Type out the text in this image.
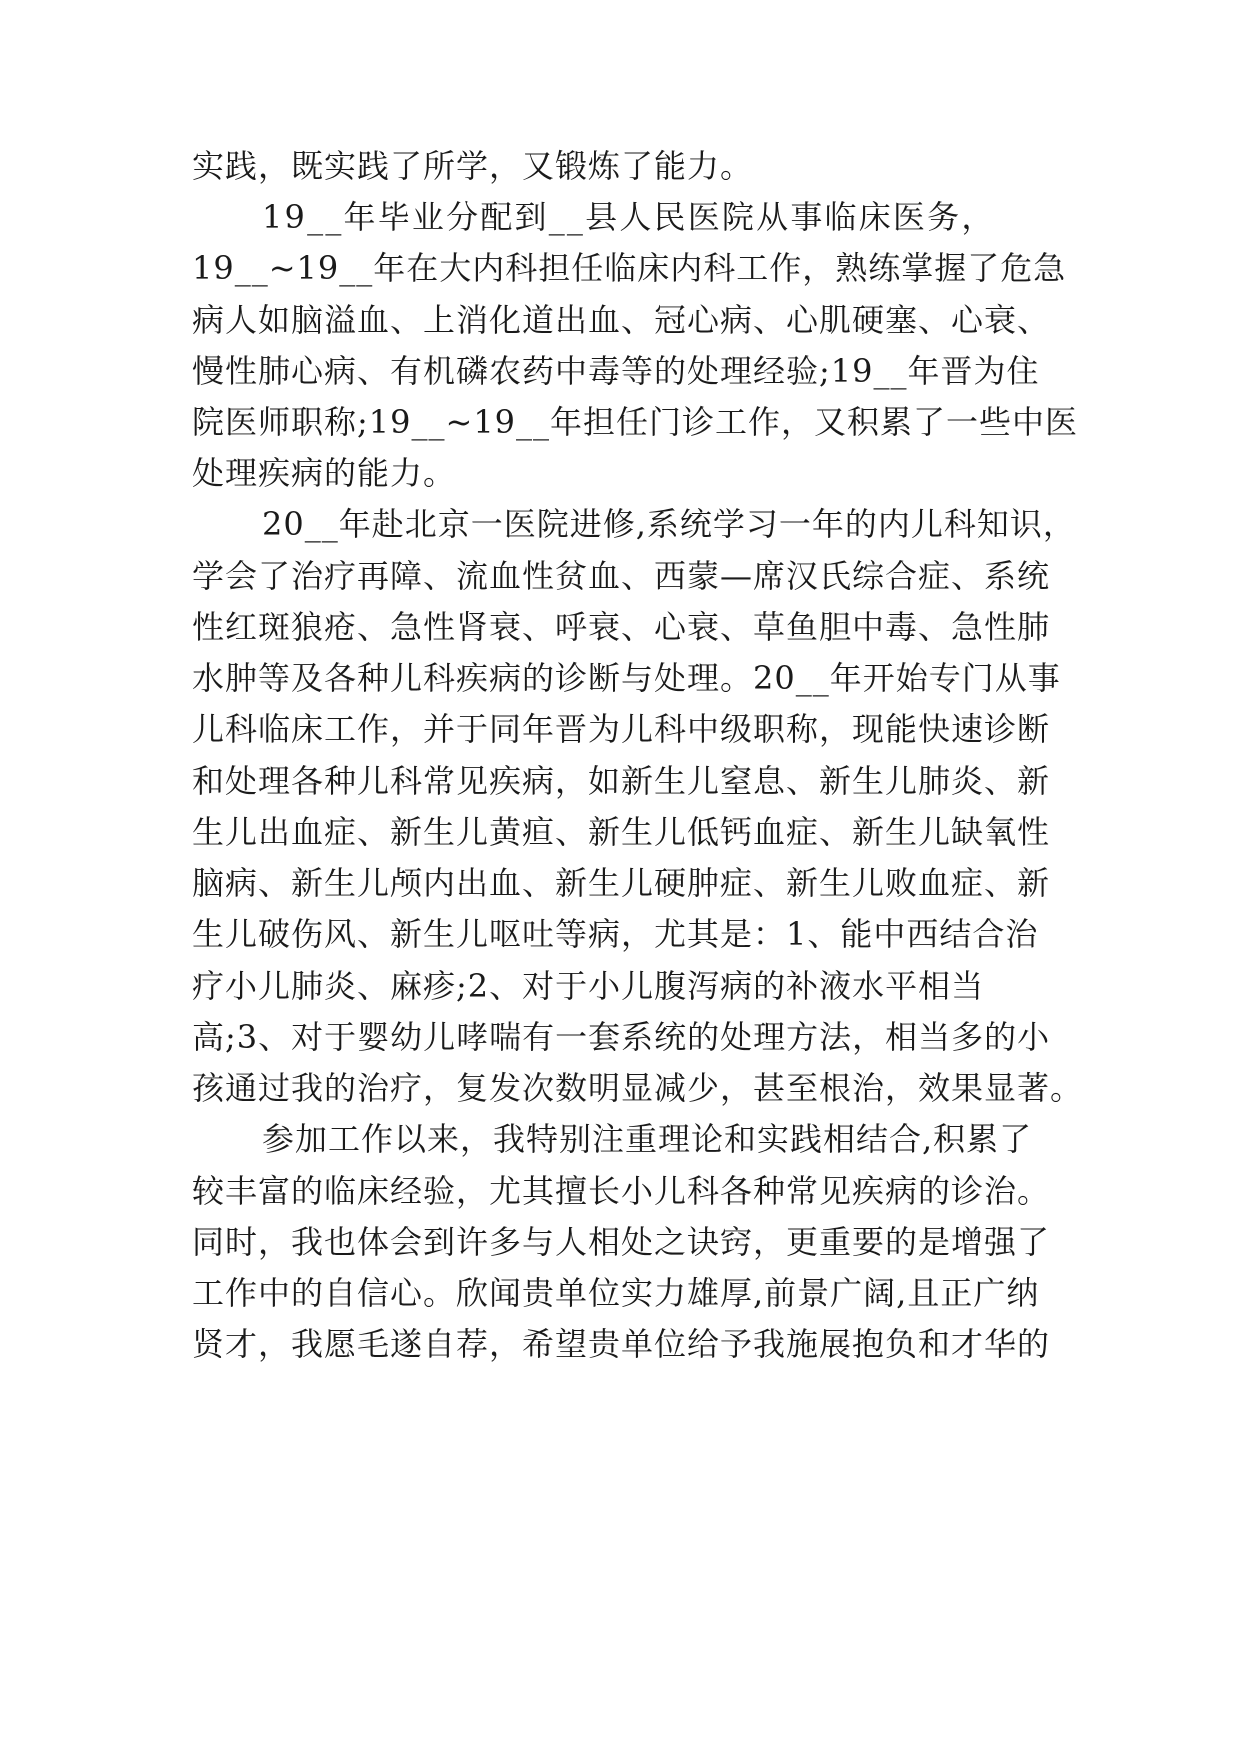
实践，既实践了所学，又锻炼了能力。
19__年毕业分配到__县人民医院从事临床医务，
19__~19__年在大内科担任临床内科工作，熟练掌握了危急
病人如脑溢血、上消化道出血、冠心病、心肌硬塞、心衰、
慢性肺心病、有机磷农药中毒等的处理经验;19__年晋为住
院医师职称;19__~19__年担任门诊工作，又积累了一些中医
处理疾病的能力。
20__年赴北京一医院进修,系统学习一年的内儿科知识，
学会了治疗再障、流血性贫血、西蒙—席汉氏综合症、系统
性红斑狼疮、急性肾衰、呼衰、心衰、草鱼胆中毒、急性肺
水肿等及各种儿科疾病的诊断与处理。20__年开始专门从事
儿科临床工作，并于同年晋为儿科中级职称，现能快速诊断
和处理各种儿科常见疾病，如新生儿窒息、新生儿肺炎、新
生儿出血症、新生儿黄疸、新生儿低钙血症、新生儿缺氧性
脑病、新生儿颅内出血、新生儿硬肿症、新生儿败血症、新
生儿破伤风、新生儿呕吐等病，尤其是：1、能中西结合治
疗小儿肺炎、麻疹;2、对于小儿腹泻病的补液水平相当
高;3、对于婴幼儿哮喘有一套系统的处理方法，相当多的小
孩通过我的治疗，复发次数明显减少，甚至根治，效果显著。
参加工作以来，我特别注重理论和实践相结合,积累了
较丰富的临床经验，尤其擅长小儿科各种常见疾病的诊治。
同时，我也体会到许多与人相处之诀窍，更重要的是增强了
工作中的自信心。欣闻贵单位实力雄厚,前景广阔,且正广纳
贤才，我愿毛遂自荐，希望贵单位给予我施展抱负和才华的
